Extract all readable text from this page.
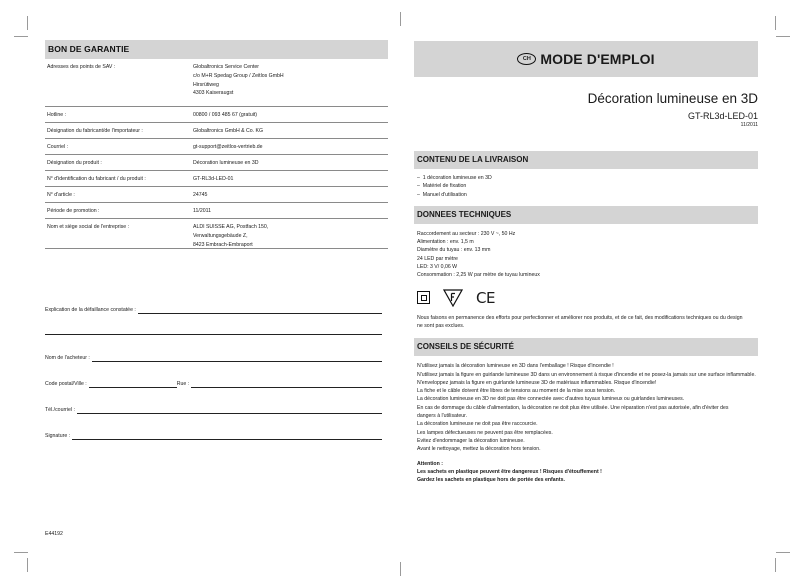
BON DE GARANTIE
Adresses des points de SAV :	Globaltronics Service Center
c/o M+R Spedag Group / Zeitlos GmbH
Hirsrütiweg
4303 Kaiseraugst
Hotline :	00800 / 093 485 67 (gratuit)
Désignation du fabricant/de l'importateur :	Globaltronics GmbH & Co. KG
Courriel :	gt-support@zeitlos-vertrieb.de
Désignation du produit :	Décoration lumineuse en 3D
N° d'identification du fabricant / du produit :	GT-RL3d-LED-01
N° d'article :	24745
Période de promotion :	11/2011
Nom et siège social de l'entreprise :	ALDI SUISSE AG, Postfach 150,
Verwaltungsgebäude Z,
8423 Embrach-Embraport
Explication de la défaillance constatée :
Nom de l'acheteur :
Code postal/Ville :	Rue :
Tél./courriel :
Signature :
E44192
CH MODE D'EMPLOI
Décoration lumineuse en 3D
GT-RL3d-LED-01
11/2011
CONTENU DE LA LIVRAISON
–  1 décoration lumineuse en 3D
–  Matériel de fixation
–  Manuel d'utilisation
DONNEES TECHNIQUES
Raccordement au secteur : 230 V ~, 50 Hz
Alimentation : env. 1,5 m
Diamètre du tuyau : env. 13 mm
24 LED par mètre
LED: 3 V/ 0,06 W
Consommation : 2,25 W par mètre de tuyau lumineux
CE
Nous faisons en permanence des efforts pour perfectionner et améliorer nos produits, et de ce fait, des modifications techniques ou du design
ne sont pas exclues.
CONSEILS DE SÉCURITÉ
N'utilisez jamais la décoration lumineuse en 3D dans l'emballage ! Risque d'incendie !
N'utilisez jamais la figure en guirlande lumineuse 3D dans un environnement à risque d'incendie et ne posez-la jamais sur une surface inflammable.
N'enveloppez jamais la figure en guirlande lumineuse 3D de matériaux inflammables. Risque d'incendie!
La fiche et le câble doivent être libres de tensions au moment de la mise sous tension.
La décoration lumineuse en 3D ne doit pas être connectée avec d'autres tuyaux lumineux ou guirlandes lumineuses.
En cas de dommage du câble d'alimentation, la décoration ne doit plus être utilisée. Une réparation n'est pas autorisée, afin d'éviter des
dangers à l'utilisateur.
La décoration lumineuse ne doit pas être raccourcie.
Les lampes défectueuses ne peuvent pas être remplacées.
Evitez d'endommager la décoration lumineuse.
Avant le nettoyage, mettez la décoration hors tension.
Attention :
Les sachets en plastique peuvent être dangereux ! Risques d'étouffement !
Gardez les sachets en plastique hors de portée des enfants.
